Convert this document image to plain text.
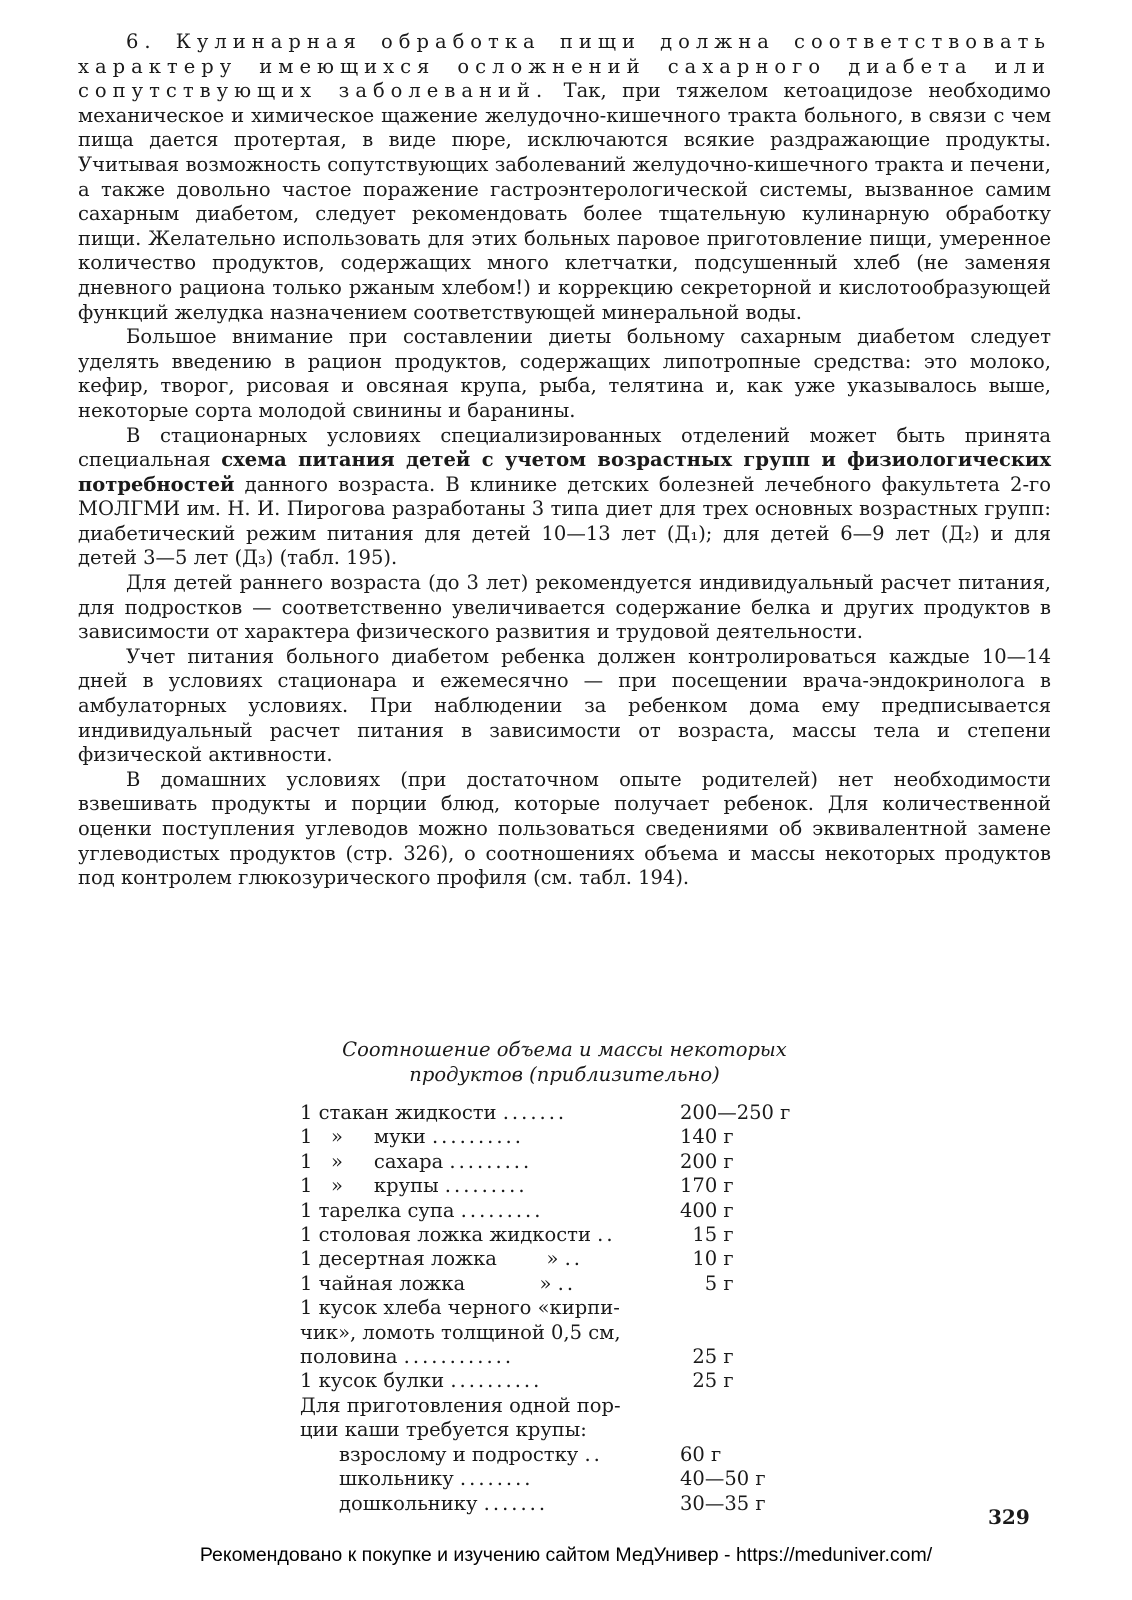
6. Кулинарная обработка пищи должна соответствовать характеру имеющихся осложнений сахарного диабета или сопутствующих заболеваний. Так, при тяжелом кетоацидозе необходимо механическое и химическое щажение желудочно-кишечного тракта больного, в связи с чем пища дается протертая, в виде пюре, исключаются всякие раздражающие продукты. Учитывая возможность сопутствующих заболеваний желудочно-кишечного тракта и печени, а также довольно частое поражение гастроэнтерологической системы, вызванное самим сахарным диабетом, следует рекомендовать более тщательную кулинарную обработку пищи. Желательно использовать для этих больных паровое приготовление пищи, умеренное количество продуктов, содержащих много клетчатки, подсушенный хлеб (не заменяя дневного рациона только ржаным хлебом!) и коррекцию секреторной и кислотообразующей функций желудка назначением соответствующей минеральной воды.

Большое внимание при составлении диеты больному сахарным диабетом следует уделять введению в рацион продуктов, содержащих липотропные средства: это молоко, кефир, творог, рисовая и овсяная крупа, рыба, телятина и, как уже указывалось выше, некоторые сорта молодой свинины и баранины.

В стационарных условиях специализированных отделений может быть принята специальная схема питания детей с учетом возрастных групп и физиологических потребностей данного возраста. В клинике детских болезней лечебного факультета 2-го МОЛГМИ им. Н. И. Пирогова разработаны 3 типа диет для трех основных возрастных групп: диабетический режим питания для детей 10—13 лет (Д₁); для детей 6—9 лет (Д₂) и для детей 3—5 лет (Д₃) (табл. 195).

Для детей раннего возраста (до 3 лет) рекомендуется индивидуальный расчет питания, для подростков — соответственно увеличивается содержание белка и других продуктов в зависимости от характера физического развития и трудовой деятельности.

Учет питания больного диабетом ребенка должен контролироваться каждые 10—14 дней в условиях стационара и ежемесячно — при посещении врача-эндокринолога в амбулаторных условиях. При наблюдении за ребенком дома ему предписывается индивидуальный расчет питания в зависимости от возраста, массы тела и степени физической активности.

В домашних условиях (при достаточном опыте родителей) нет необходимости взвешивать продукты и порции блюд, которые получает ребенок. Для количественной оценки поступления углеводов можно пользоваться сведениями об эквивалентной замене углеводистых продуктов (стр. 326), о соотношениях объема и массы некоторых продуктов под контролем глюкозурического профиля (см. табл. 194).

Соотношение объема и массы некоторых
продуктов (приблизительно)
1 стакан жидкости .......	200—250 г
1   »     муки ..........	140 г
1   »     сахара .........	200 г
1   »     крупы .........	170 г
1 тарелка супа .........	400 г
1 столовая ложка жидкости ..	15 г
1 десертная ложка        » ..	10 г
1 чайная ложка            » ..	5 г
1 кусок хлеба черного «кирпи-
чик», ломоть толщиной 0,5 см,
половина ............	25 г
1 кусок булки ..........	25 г
Для приготовления одной пор-
ции каши требуется крупы:
взрослому и подростку ..	60 г
школьнику ........	40—50 г
дошкольнику .......	30—35 г
329
Рекомендовано к покупке и изучению сайтом МедУнивер - https://meduniver.com/
